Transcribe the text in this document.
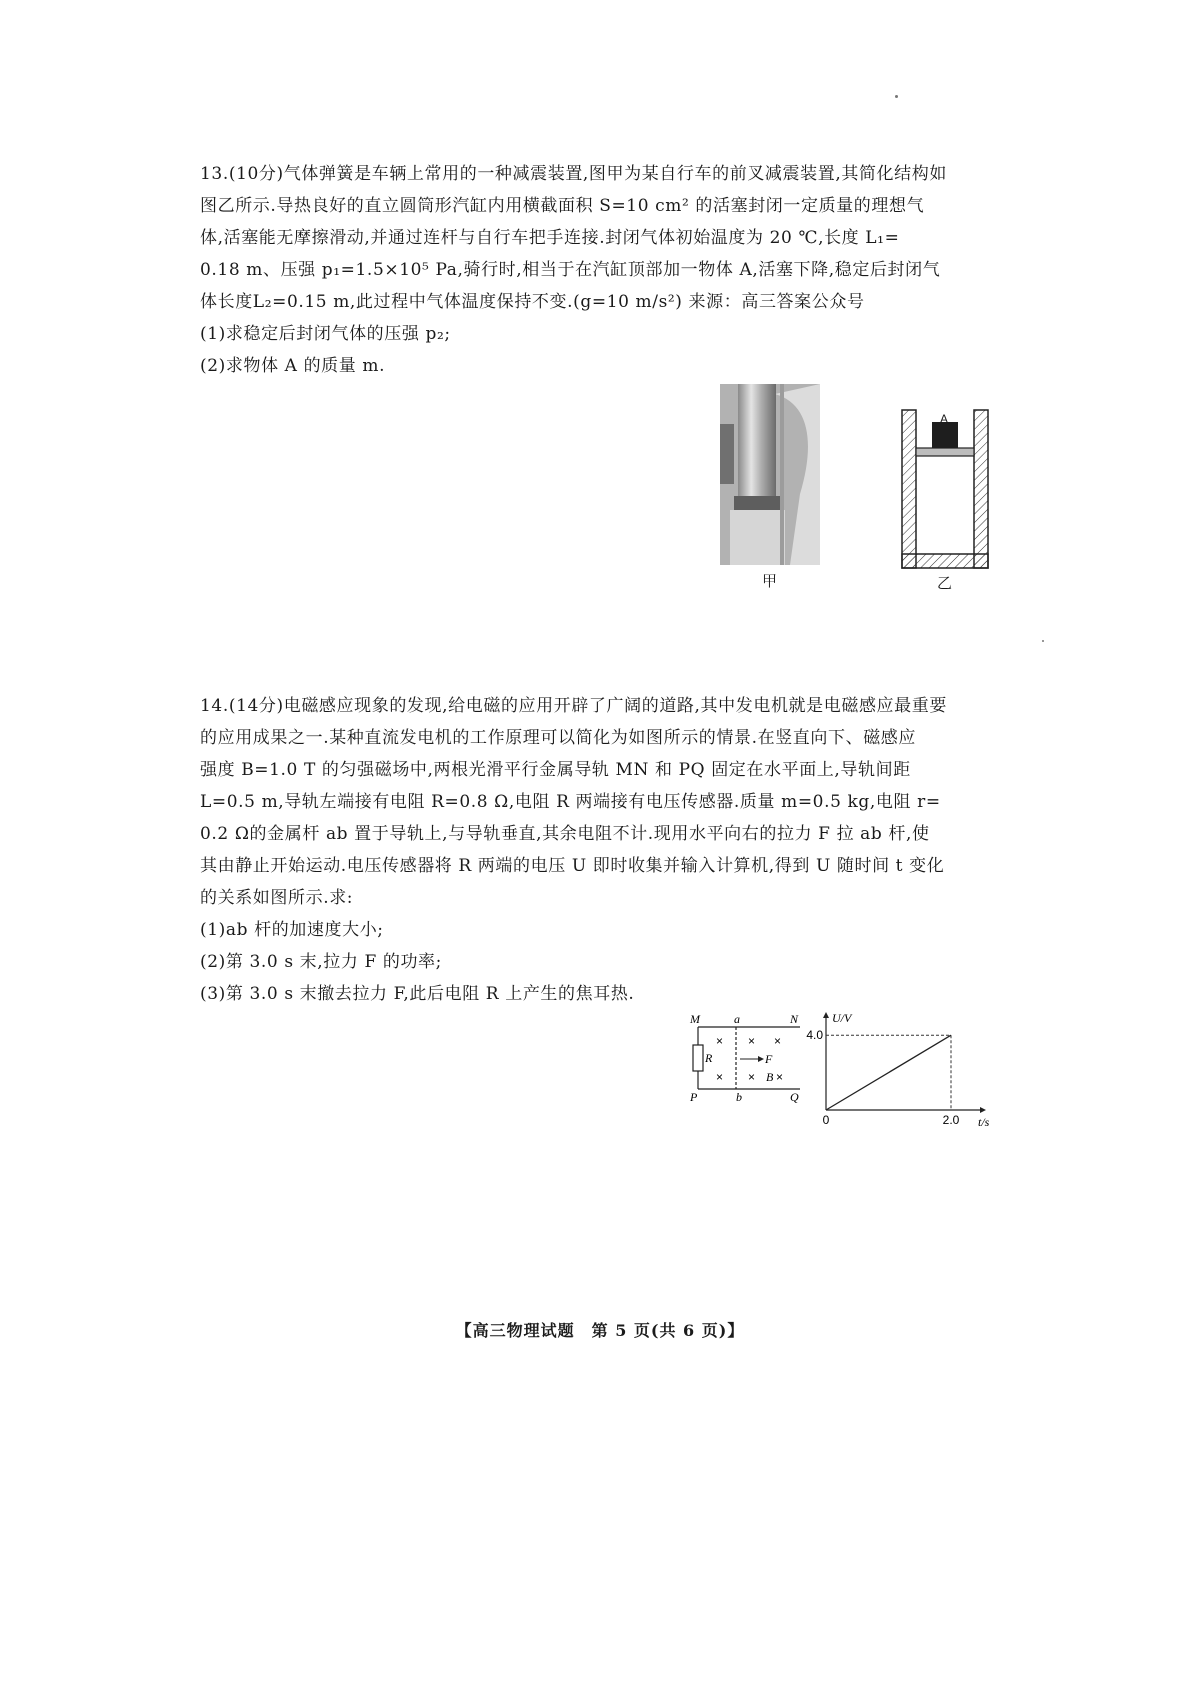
13.(10分)气体弹簧是车辆上常用的一种减震装置,图甲为某自行车的前叉减震装置,其简化结构如

图乙所示.导热良好的直立圆筒形汽缸内用横截面积 S=10 cm² 的活塞封闭一定质量的理想气

体,活塞能无摩擦滑动,并通过连杆与自行车把手连接.封闭气体初始温度为 20 ℃,长度 L₁=

0.18 m、压强 p₁=1.5×10⁵ Pa,骑行时,相当于在汽缸顶部加一物体 A,活塞下降,稳定后封闭气

体长度L₂=0.15 m,此过程中气体温度保持不变.(g=10 m/s²) 来源：高三答案公众号

(1)求稳定后封闭气体的压强 p₂;

(2)求物体 A 的质量 m.

甲
A
乙

14.(14分)电磁感应现象的发现,给电磁的应用开辟了广阔的道路,其中发电机就是电磁感应最重要

的应用成果之一.某种直流发电机的工作原理可以简化为如图所示的情景.在竖直向下、磁感应

强度 B=1.0 T 的匀强磁场中,两根光滑平行金属导轨 MN 和 PQ 固定在水平面上,导轨间距

L=0.5 m,导轨左端接有电阻 R=0.8 Ω,电阻 R 两端接有电压传感器.质量 m=0.5 kg,电阻 r=

0.2 Ω的金属杆 ab 置于导轨上,与导轨垂直,其余电阻不计.现用水平向右的拉力 F 拉 ab 杆,使

其由静止开始运动.电压传感器将 R 两端的电压 U 即时收集并输入计算机,得到 U 随时间 t 变化

的关系如图所示.求:

(1)ab 杆的加速度大小;

(2)第 3.0 s 末,拉力 F 的功率;

(3)第 3.0 s 末撤去拉力 F,此后电阻 R 上产生的焦耳热.

M	a	N
P	b	Q
R	F
B
× × ×
× × ×
U/V
t/s
4.0
0	2.0
【高三物理试题　第 5 页(共 6 页)】
